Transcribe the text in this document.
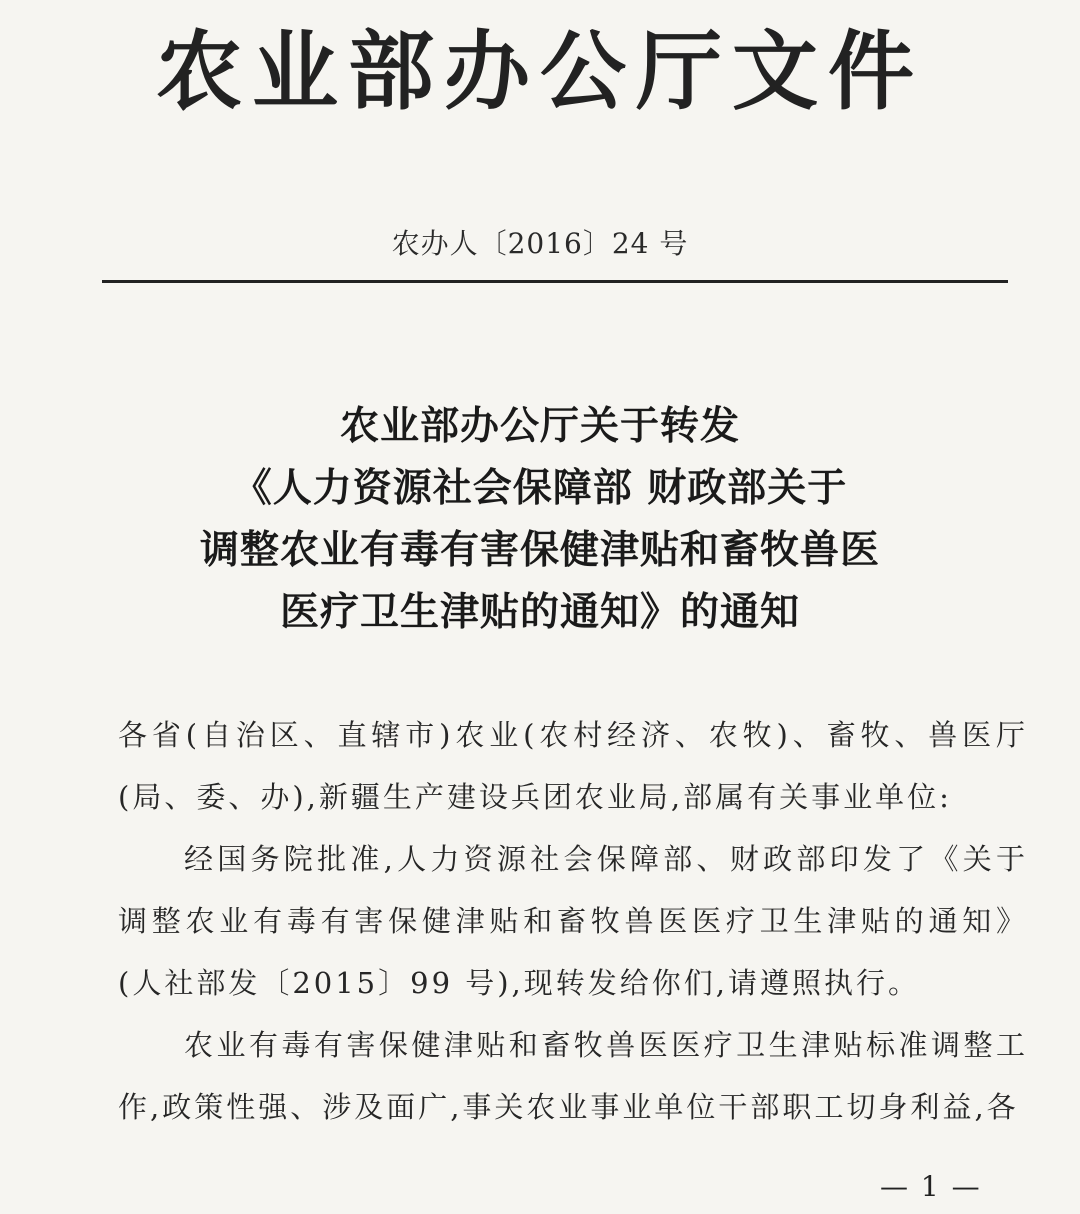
农业部办公厅文件
农办人〔2016〕24 号
农业部办公厅关于转发
《人力资源社会保障部 财政部关于
调整农业有毒有害保健津贴和畜牧兽医
医疗卫生津贴的通知》的通知

各省(自治区、直辖市)农业(农村经济、农牧)、畜牧、兽医厅(局、委、办),新疆生产建设兵团农业局,部属有关事业单位:

经国务院批准,人力资源社会保障部、财政部印发了《关于调整农业有毒有害保健津贴和畜牧兽医医疗卫生津贴的通知》(人社部发〔2015〕99 号),现转发给你们,请遵照执行。

农业有毒有害保健津贴和畜牧兽医医疗卫生津贴标准调整工作,政策性强、涉及面广,事关农业事业单位干部职工切身利益,各

— 1 —
